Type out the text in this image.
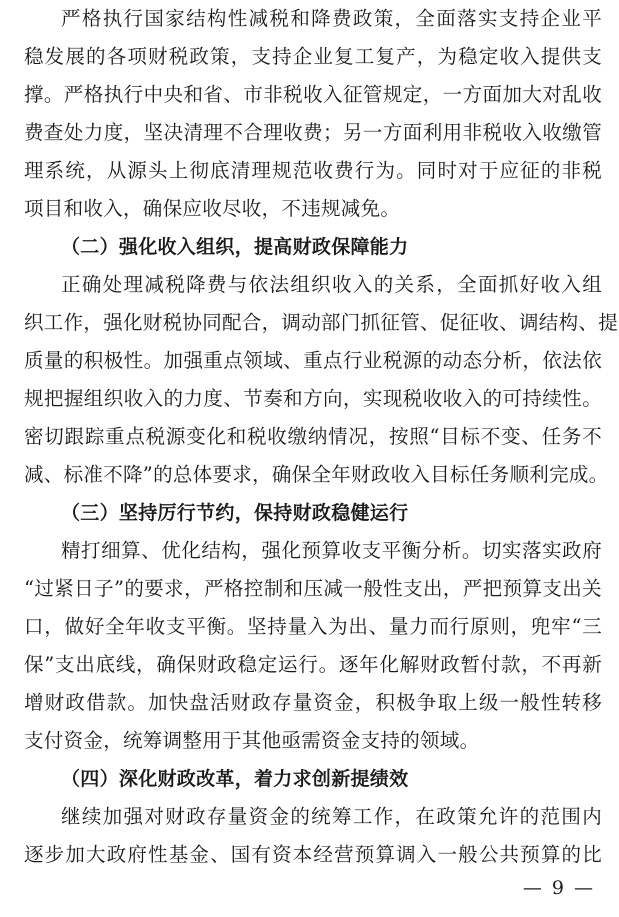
严格执行国家结构性减税和降费政策，全面落实支持企业平
稳发展的各项财税政策，支持企业复工复产，为稳定收入提供支
撑。严格执行中央和省、市非税收入征管规定，一方面加大对乱收
费查处力度，坚决清理不合理收费；另一方面利用非税收入收缴管
理系统，从源头上彻底清理规范收费行为。同时对于应征的非税
项目和收入，确保应收尽收，不违规减免。
（二）强化收入组织，提高财政保障能力
正确处理减税降费与依法组织收入的关系，全面抓好收入组
织工作，强化财税协同配合，调动部门抓征管、促征收、调结构、提
质量的积极性。加强重点领域、重点行业税源的动态分析，依法依
规把握组织收入的力度、节奏和方向，实现税收收入的可持续性。
密切跟踪重点税源变化和税收缴纳情况，按照“目标不变、任务不
减、标准不降”的总体要求，确保全年财政收入目标任务顺利完成。
（三）坚持厉行节约，保持财政稳健运行
精打细算、优化结构，强化预算收支平衡分析。切实落实政府
“过紧日子”的要求，严格控制和压减一般性支出，严把预算支出关
口，做好全年收支平衡。坚持量入为出、量力而行原则，兜牢“三
保”支出底线，确保财政稳定运行。逐年化解财政暂付款，不再新
增财政借款。加快盘活财政存量资金，积极争取上级一般性转移
支付资金，统筹调整用于其他亟需资金支持的领域。
（四）深化财政改革，着力求创新提绩效
继续加强对财政存量资金的统筹工作，在政策允许的范围内
逐步加大政府性基金、国有资本经营预算调入一般公共预算的比
— 9 —
